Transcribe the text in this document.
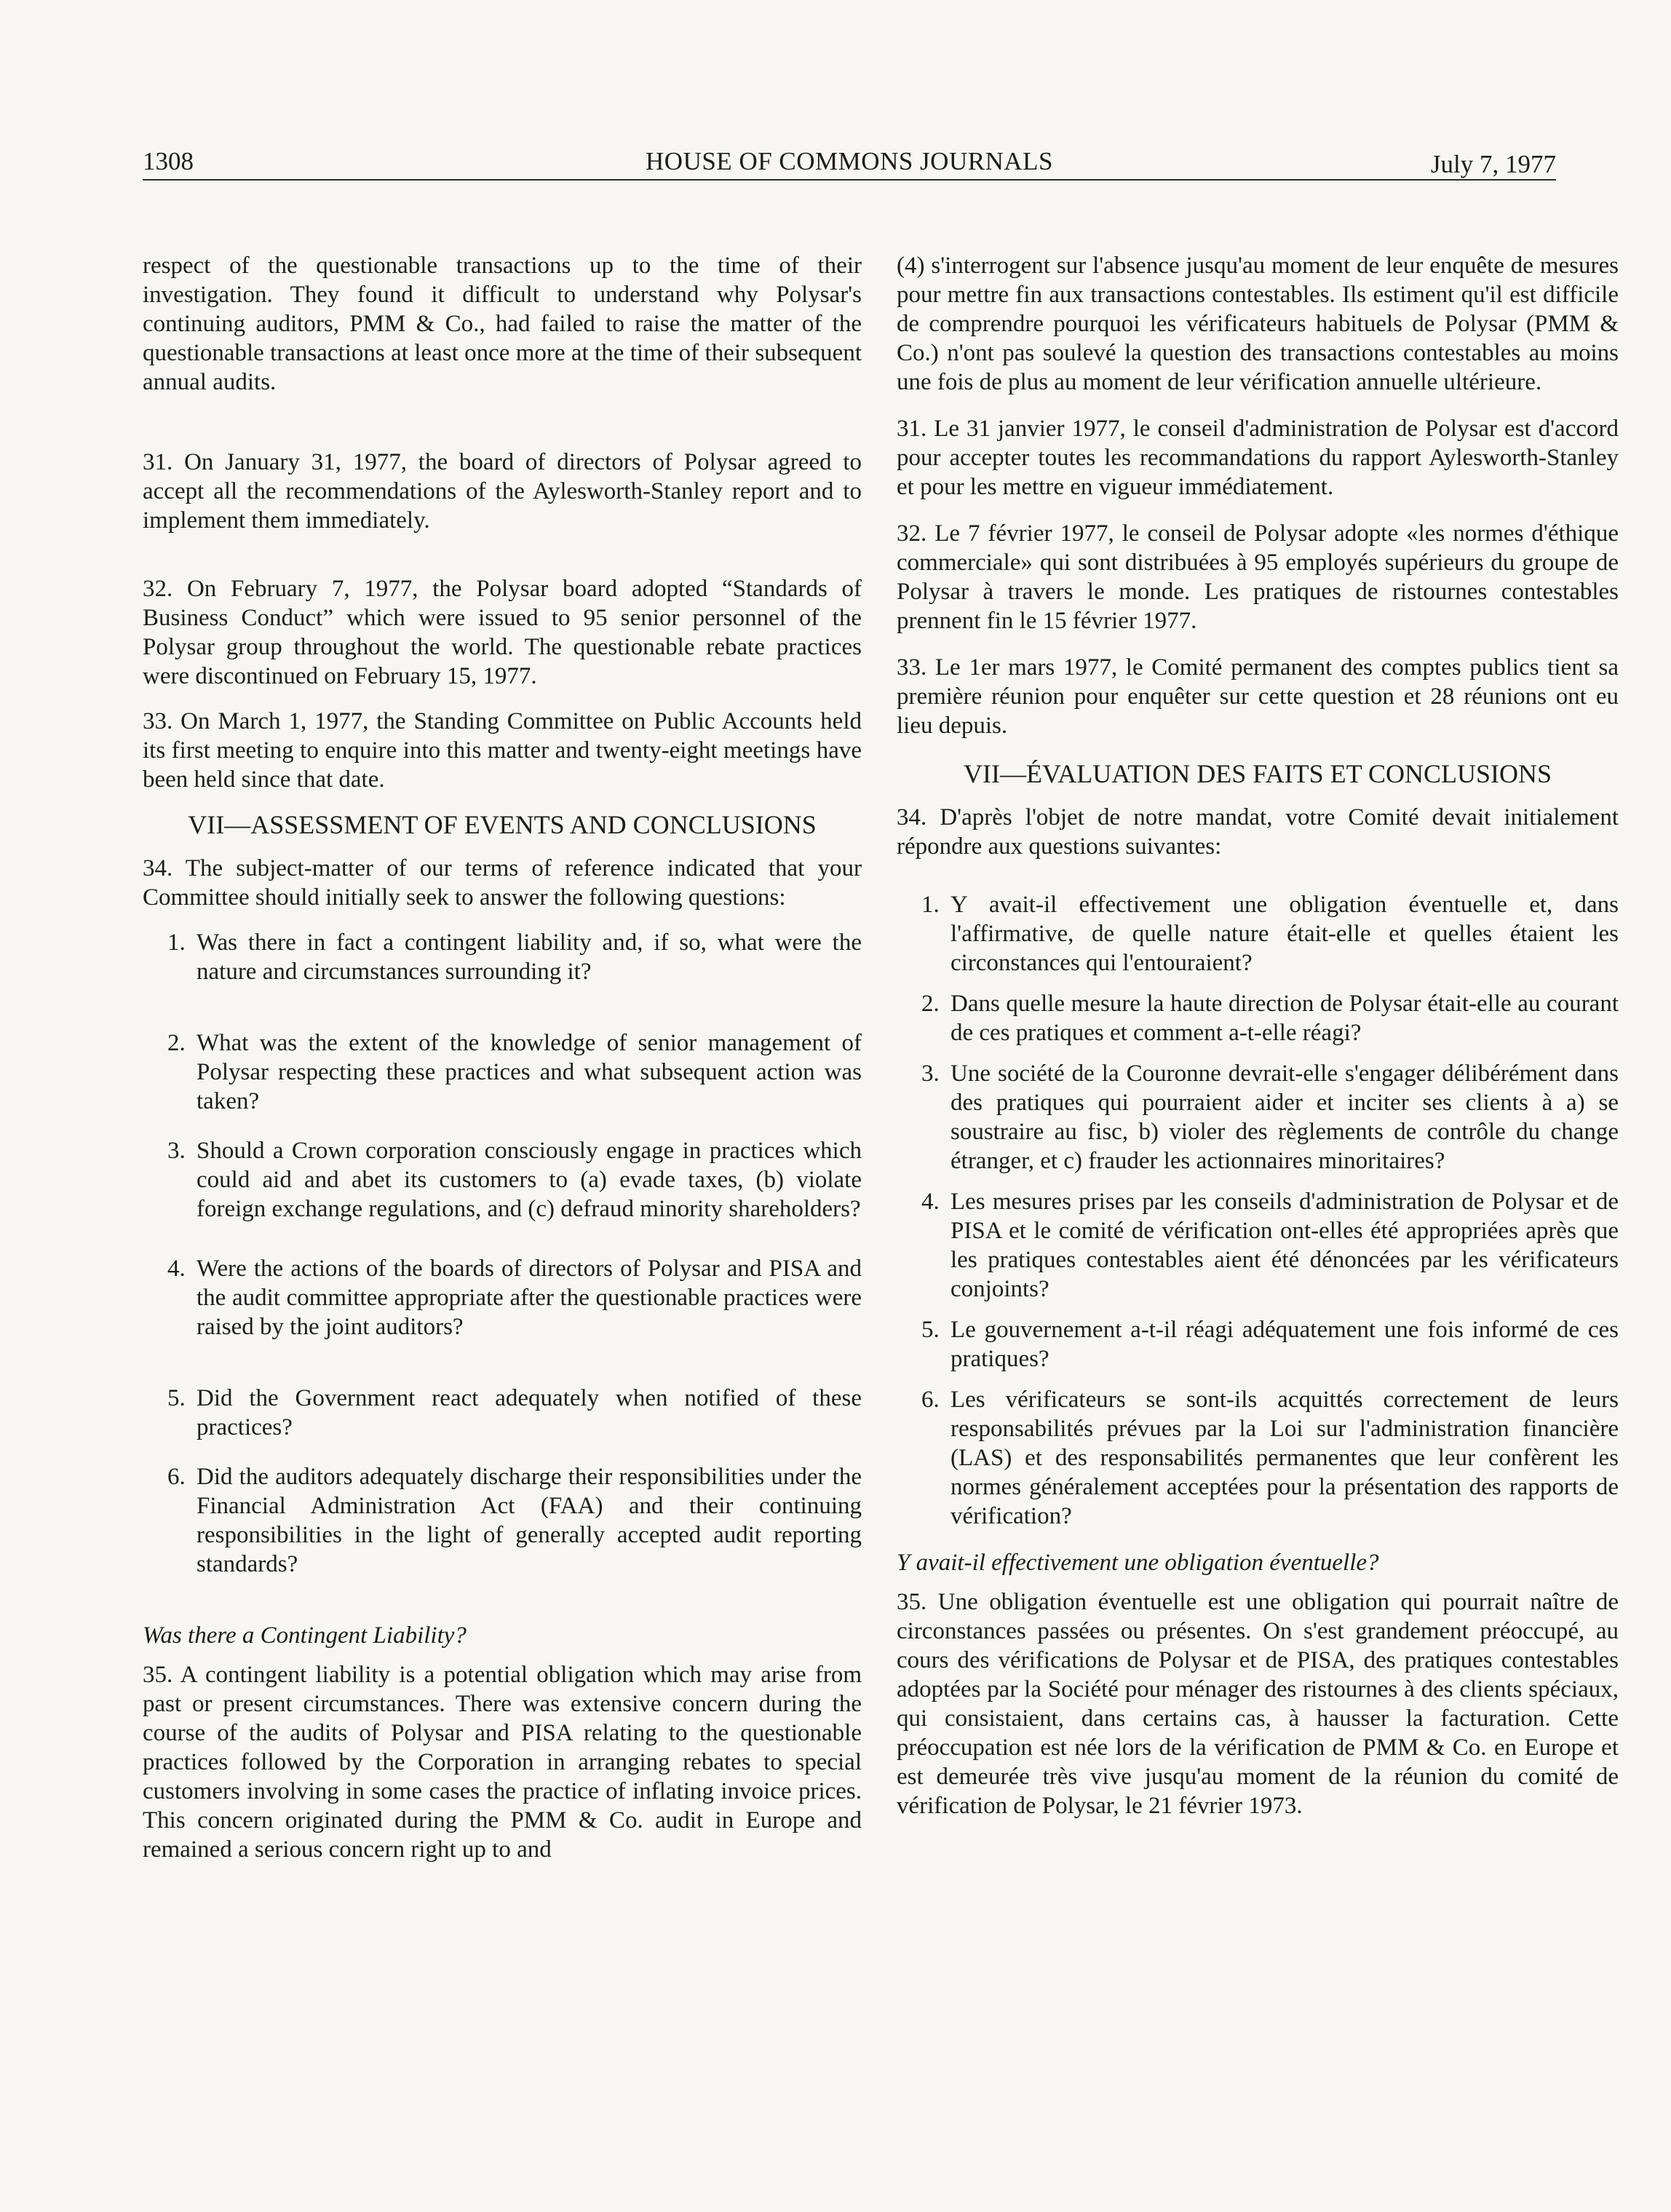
1308	HOUSE OF COMMONS JOURNALS	July 7, 1977

respect of the questionable transactions up to the time of their investigation. They found it difficult to understand why Polysar's continuing auditors, PMM & Co., had failed to raise the matter of the questionable transactions at least once more at the time of their subsequent annual audits.

31. On January 31, 1977, the board of directors of Polysar agreed to accept all the recommendations of the Aylesworth-Stanley report and to implement them immediately.

32. On February 7, 1977, the Polysar board adopted “Standards of Business Conduct” which were issued to 95 senior personnel of the Polysar group throughout the world. The questionable rebate practices were discontinued on February 15, 1977.

33. On March 1, 1977, the Standing Committee on Public Accounts held its first meeting to enquire into this matter and twenty-eight meetings have been held since that date.

VII—ASSESSMENT OF EVENTS AND CONCLUSIONS

34. The subject-matter of our terms of reference indicated that your Committee should initially seek to answer the following questions:

1. Was there in fact a contingent liability and, if so, what were the nature and circumstances surrounding it?
2. What was the extent of the knowledge of senior management of Polysar respecting these practices and what subsequent action was taken?
3. Should a Crown corporation consciously engage in practices which could aid and abet its customers to (a) evade taxes, (b) violate foreign exchange regulations, and (c) defraud minority shareholders?
4. Were the actions of the boards of directors of Polysar and PISA and the audit committee appropriate after the questionable practices were raised by the joint auditors?
5. Did the Government react adequately when notified of these practices?
6. Did the auditors adequately discharge their responsibilities under the Financial Administration Act (FAA) and their continuing responsibilities in the light of generally accepted audit reporting standards?

Was there a Contingent Liability?

35. A contingent liability is a potential obligation which may arise from past or present circumstances. There was extensive concern during the course of the audits of Polysar and PISA relating to the questionable practices followed by the Corporation in arranging rebates to special customers involving in some cases the practice of inflating invoice prices. This concern originated during the PMM & Co. audit in Europe and remained a serious concern right up to and

(4) s'interrogent sur l'absence jusqu'au moment de leur enquête de mesures pour mettre fin aux transactions contestables. Ils estiment qu'il est difficile de comprendre pourquoi les vérificateurs habituels de Polysar (PMM & Co.) n'ont pas soulevé la question des transactions contestables au moins une fois de plus au moment de leur vérification annuelle ultérieure.

31. Le 31 janvier 1977, le conseil d'administration de Polysar est d'accord pour accepter toutes les recommandations du rapport Aylesworth-Stanley et pour les mettre en vigueur immédiatement.

32. Le 7 février 1977, le conseil de Polysar adopte «les normes d'éthique commerciale» qui sont distribuées à 95 employés supérieurs du groupe de Polysar à travers le monde. Les pratiques de ristournes contestables prennent fin le 15 février 1977.

33. Le 1er mars 1977, le Comité permanent des comptes publics tient sa première réunion pour enquêter sur cette question et 28 réunions ont eu lieu depuis.

VII—ÉVALUATION DES FAITS ET CONCLUSIONS

34. D'après l'objet de notre mandat, votre Comité devait initialement répondre aux questions suivantes:

1. Y avait-il effectivement une obligation éventuelle et, dans l'affirmative, de quelle nature était-elle et quelles étaient les circonstances qui l'entouraient?
2. Dans quelle mesure la haute direction de Polysar était-elle au courant de ces pratiques et comment a-t-elle réagi?
3. Une société de la Couronne devrait-elle s'engager délibérément dans des pratiques qui pourraient aider et inciter ses clients à a) se soustraire au fisc, b) violer des règlements de contrôle du change étranger, et c) frauder les actionnaires minoritaires?
4. Les mesures prises par les conseils d'administration de Polysar et de PISA et le comité de vérification ont-elles été appropriées après que les pratiques contestables aient été dénoncées par les vérificateurs conjoints?
5. Le gouvernement a-t-il réagi adéquatement une fois informé de ces pratiques?
6. Les vérificateurs se sont-ils acquittés correctement de leurs responsabilités prévues par la Loi sur l'administration financière (LAS) et des responsabilités permanentes que leur confèrent les normes généralement acceptées pour la présentation des rapports de vérification?

Y avait-il effectivement une obligation éventuelle?

35. Une obligation éventuelle est une obligation qui pourrait naître de circonstances passées ou présentes. On s'est grandement préoccupé, au cours des vérifications de Polysar et de PISA, des pratiques contestables adoptées par la Société pour ménager des ristournes à des clients spéciaux, qui consistaient, dans certains cas, à hausser la facturation. Cette préoccupation est née lors de la vérification de PMM & Co. en Europe et est demeurée très vive jusqu'au moment de la réunion du comité de vérification de Polysar, le 21 février 1973.
